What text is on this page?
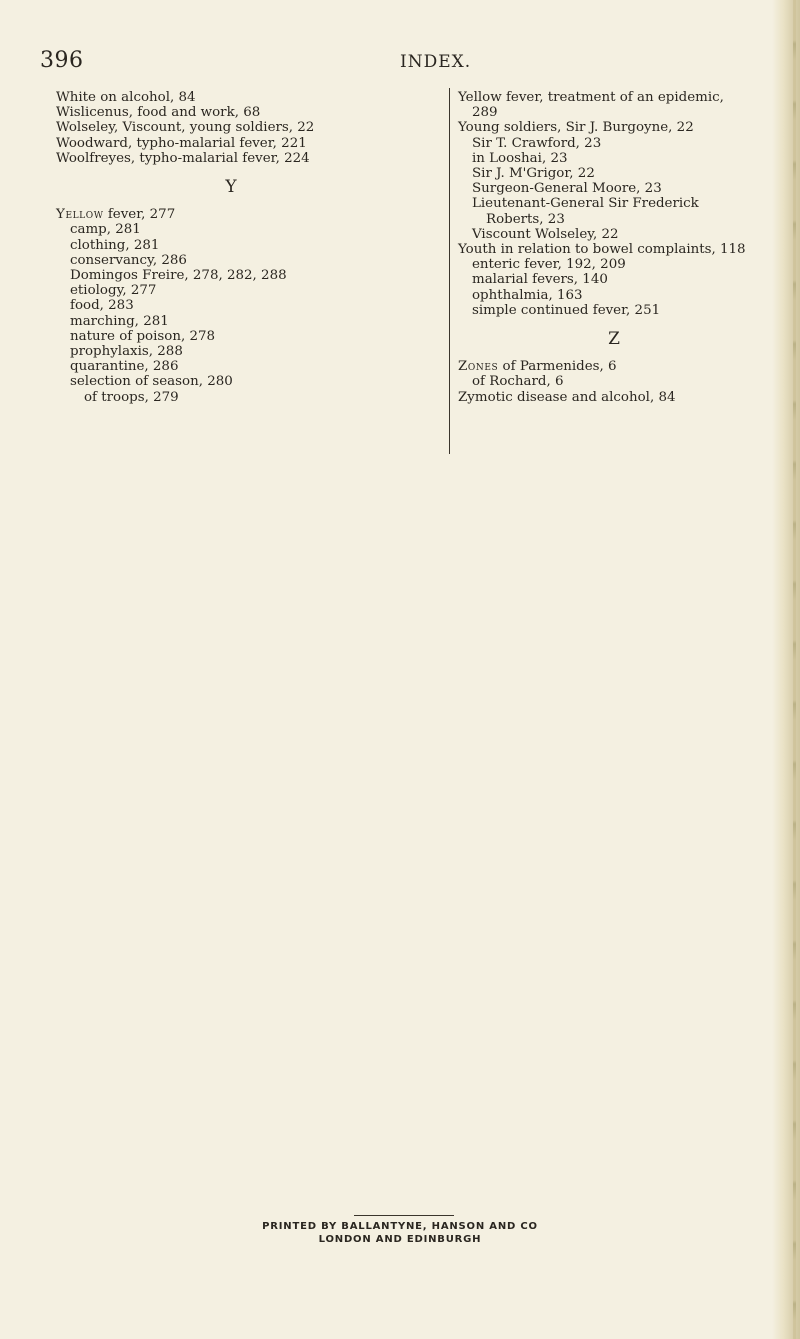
396	INDEX.
White on alcohol, 84
Wislicenus, food and work, 68
Wolseley, Viscount, young soldiers, 22
Woodward, typho-malarial fever, 221
Woolfreyes, typho-malarial fever, 224
Y
Yellow fever, 277
camp, 281
clothing, 281
conservancy, 286
Domingos Freire, 278, 282, 288
etiology, 277
food, 283
marching, 281
nature of poison, 278
prophylaxis, 288
quarantine, 286
selection of season, 280
of troops, 279
Yellow fever, treatment of an epidemic,
289
Young soldiers, Sir J. Burgoyne, 22
Sir T. Crawford, 23
in Looshai, 23
Sir J. M'Grigor, 22
Surgeon-General Moore, 23
Lieutenant-General Sir Frederick
Roberts, 23
Viscount Wolseley, 22
Youth in relation to bowel complaints, 118
enteric fever, 192, 209
malarial fevers, 140
ophthalmia, 163
simple continued fever, 251
Z
Zones of Parmenides, 6
of Rochard, 6
Zymotic disease and alcohol, 84
PRINTED BY BALLANTYNE, HANSON AND CO
LONDON AND EDINBURGH
